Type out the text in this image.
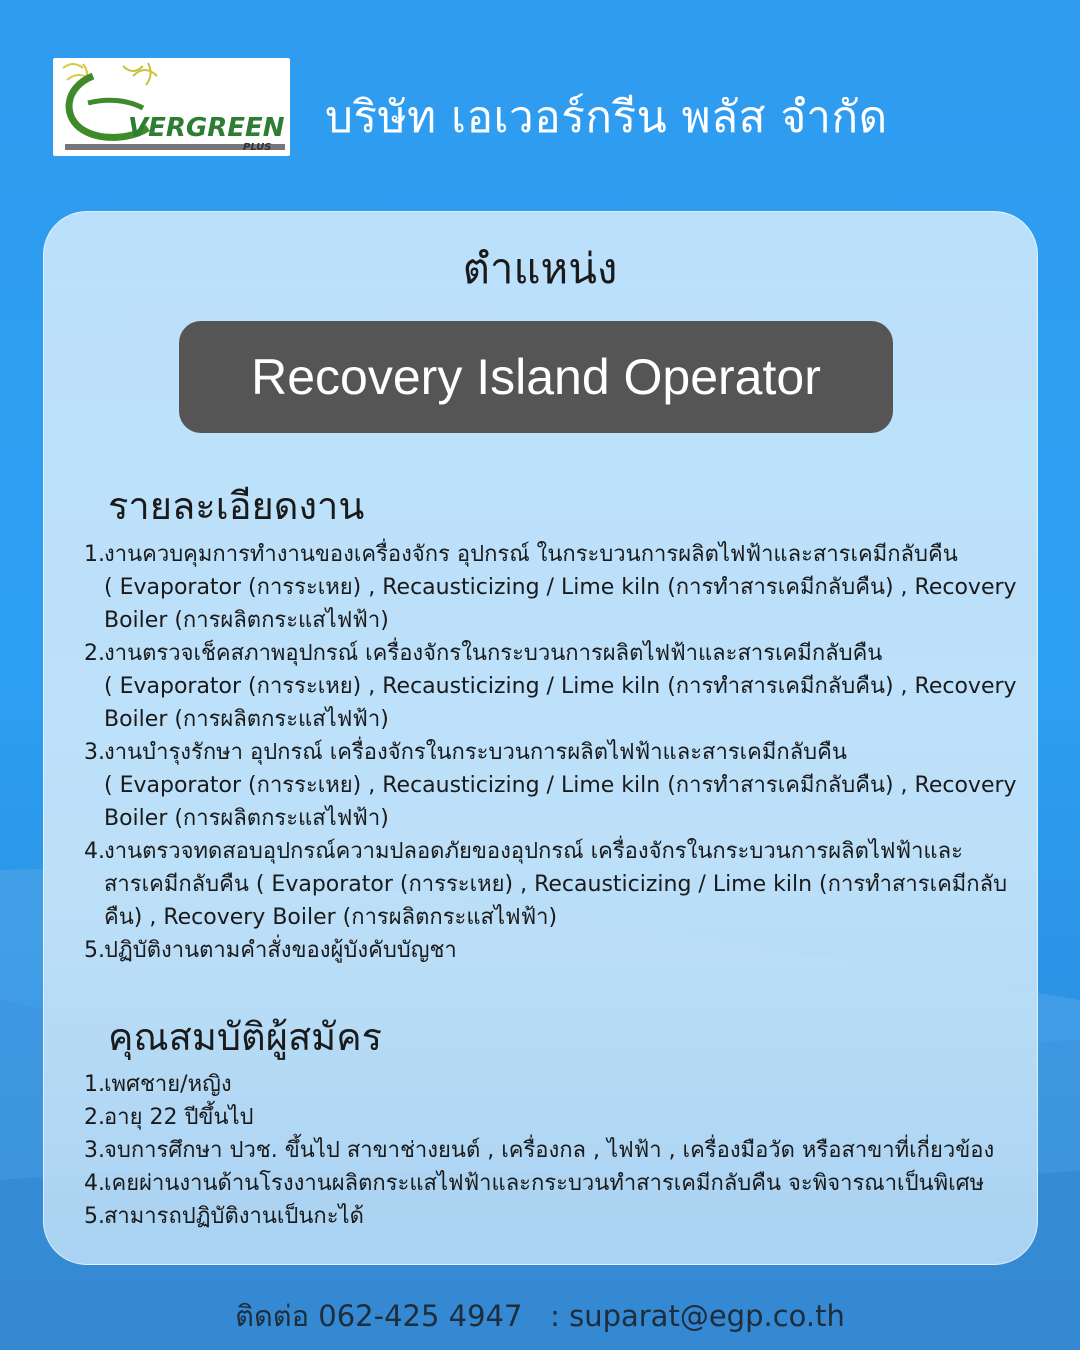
VERGREEN
PLUS
บริษัท เอเวอร์กรีน พลัส จำกัด
ตำแหน่ง
Recovery Island Operator
รายละเอียดงาน
1. งานควบคุมการทำงานของเครื่องจักร อุปกรณ์ ในกระบวนการผลิตไฟฟ้าและสารเคมีกลับคืน
( Evaporator (การระเหย) , Recausticizing / Lime kiln (การทำสารเคมีกลับคืน) , Recovery
Boiler (การผลิตกระแสไฟฟ้า)
2. งานตรวจเช็คสภาพอุปกรณ์ เครื่องจักรในกระบวนการผลิตไฟฟ้าและสารเคมีกลับคืน
( Evaporator (การระเหย) , Recausticizing / Lime kiln (การทำสารเคมีกลับคืน) , Recovery
Boiler (การผลิตกระแสไฟฟ้า)
3. งานบำรุงรักษา อุปกรณ์ เครื่องจักรในกระบวนการผลิตไฟฟ้าและสารเคมีกลับคืน
( Evaporator (การระเหย) , Recausticizing / Lime kiln (การทำสารเคมีกลับคืน) , Recovery
Boiler (การผลิตกระแสไฟฟ้า)
4. งานตรวจทดสอบอุปกรณ์ความปลอดภัยของอุปกรณ์ เครื่องจักรในกระบวนการผลิตไฟฟ้าและ
สารเคมีกลับคืน ( Evaporator (การระเหย) , Recausticizing / Lime kiln (การทำสารเคมีกลับ
คืน) , Recovery Boiler (การผลิตกระแสไฟฟ้า)
5. ปฏิบัติงานตามคำสั่งของผู้บังคับบัญชา
คุณสมบัติผู้สมัคร
1. เพศชาย/หญิง
2. อายุ 22 ปีขึ้นไป
3. จบการศึกษา ปวช. ขึ้นไป สาขาช่างยนต์ , เครื่องกล , ไฟฟ้า , เครื่องมือวัด หรือสาขาที่เกี่ยวข้อง
4. เคยผ่านงานด้านโรงงานผลิตกระแสไฟฟ้าและกระบวนทำสารเคมีกลับคืน จะพิจารณาเป็นพิเศษ
5. สามารถปฏิบัติงานเป็นกะได้
ติดต่อ 062-425 4947   : suparat@egp.co.th
